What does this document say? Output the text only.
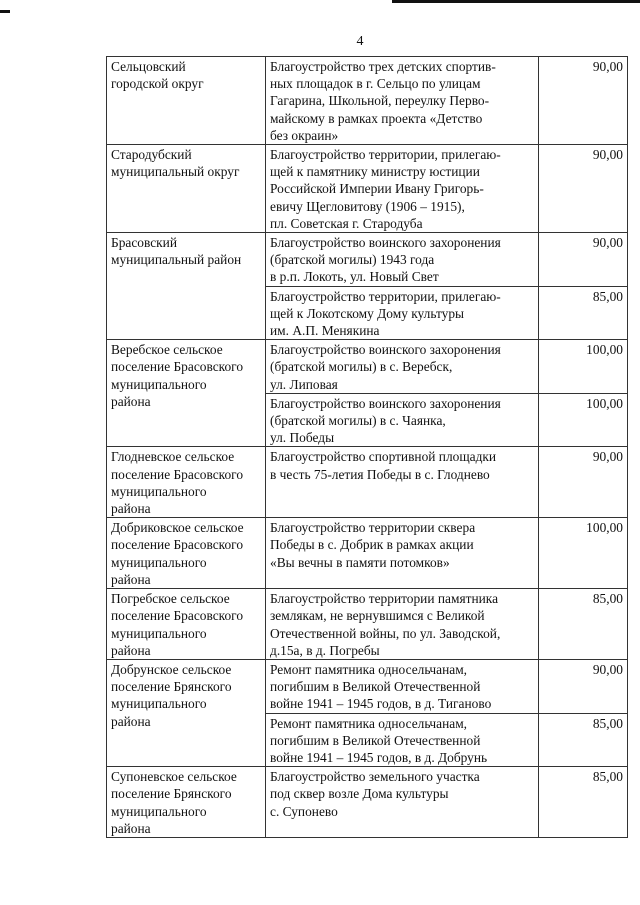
4
Сельцовский
городской округ	Благоустройство трех детских спортив-
ных площадок в г. Сельцо по улицам
Гагарина, Школьной, переулку Перво-
майскому в рамках проекта «Детство
без окраин»	90,00

Стародубский
муниципальный округ	Благоустройство территории, прилегаю-
щей к памятнику министру юстиции
Российской Империи Ивану Григорь-
евичу Щегловитову (1906 – 1915),
пл. Советская г. Стародуба	90,00

Брасовский
муниципальный район	Благоустройство воинского захоронения
(братской могилы) 1943 года
в р.п. Локоть, ул. Новый Свет	90,00

	Благоустройство территории, прилегаю-
щей к Локотскому Дому культуры
им. А.П. Менякина	85,00

Веребское сельское
поселение Брасовского
муниципального
района	Благоустройство воинского захоронения
(братской могилы) в с. Веребск,
ул. Липовая	100,00

	Благоустройство воинского захоронения
(братской могилы) в с. Чаянка,
ул. Победы	100,00

Глодневское сельское
поселение Брасовского
муниципального
района	Благоустройство спортивной площадки
в честь 75-летия Победы в с. Глоднево	90,00

Добриковское сельское
поселение Брасовского
муниципального
района	Благоустройство территории сквера
Победы в с. Добрик в рамках акции
«Вы вечны в памяти потомков»	100,00

Погребское сельское
поселение Брасовского
муниципального
района	Благоустройство территории памятника
землякам, не вернувшимся с Великой
Отечественной войны, по ул. Заводской,
д.15а, в д. Погребы	85,00

Добрунское сельское
поселение Брянского
муниципального
района	Ремонт памятника односельчанам,
погибшим в Великой Отечественной
войне 1941 – 1945 годов, в д. Тиганово	90,00

	Ремонт памятника односельчанам,
погибшим в Великой Отечественной
войне 1941 – 1945 годов, в д. Добрунь	85,00

Супоневское сельское
поселение Брянского
муниципального
района	Благоустройство земельного участка
под сквер возле Дома культуры
с. Супонево	85,00
